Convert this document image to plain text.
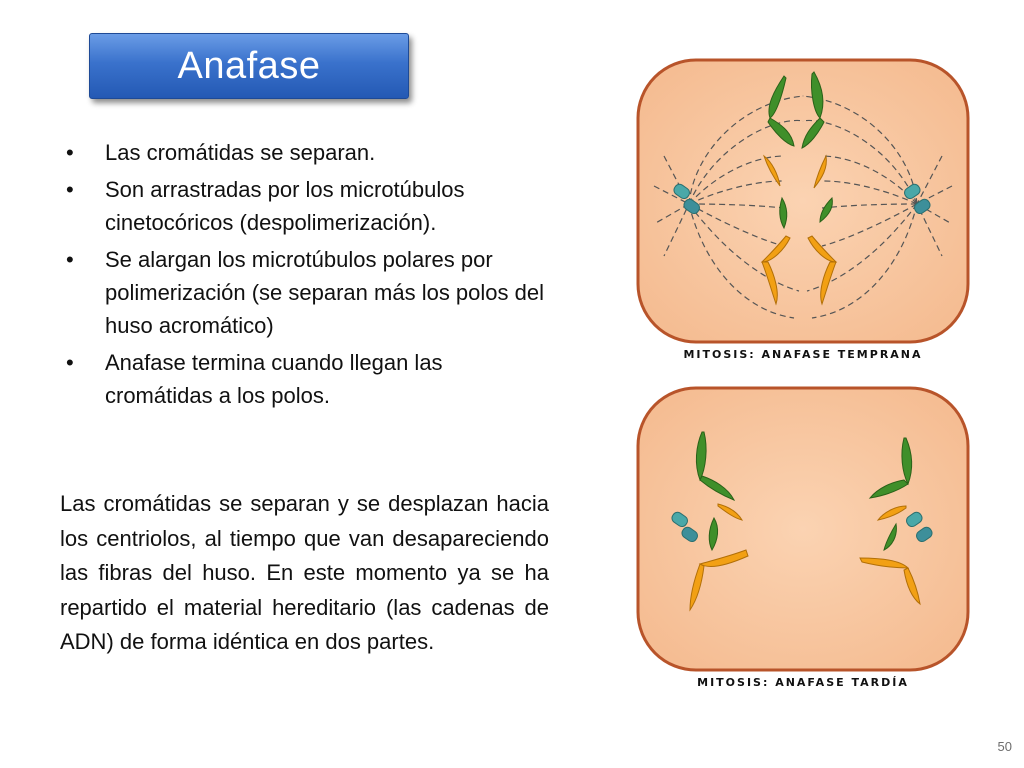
Anafase
• Las cromátidas se separan.
• Son arrastradas por los microtúbulos cinetocóricos (despolimerización).
• Se alargan los microtúbulos polares por polimerización (se separan más los polos del huso acromático)
• Anafase termina cuando llegan las cromátidas a los polos.
Las cromátidas se separan y se desplazan hacia los centriolos, al tiempo que van desapareciendo las fibras del huso. En este momento ya se ha repartido el material hereditario (las cadenas de ADN) de forma idéntica en dos partes.
MITOSIS: ANAFASE TEMPRANA
MITOSIS: ANAFASE TARDÍA
50
